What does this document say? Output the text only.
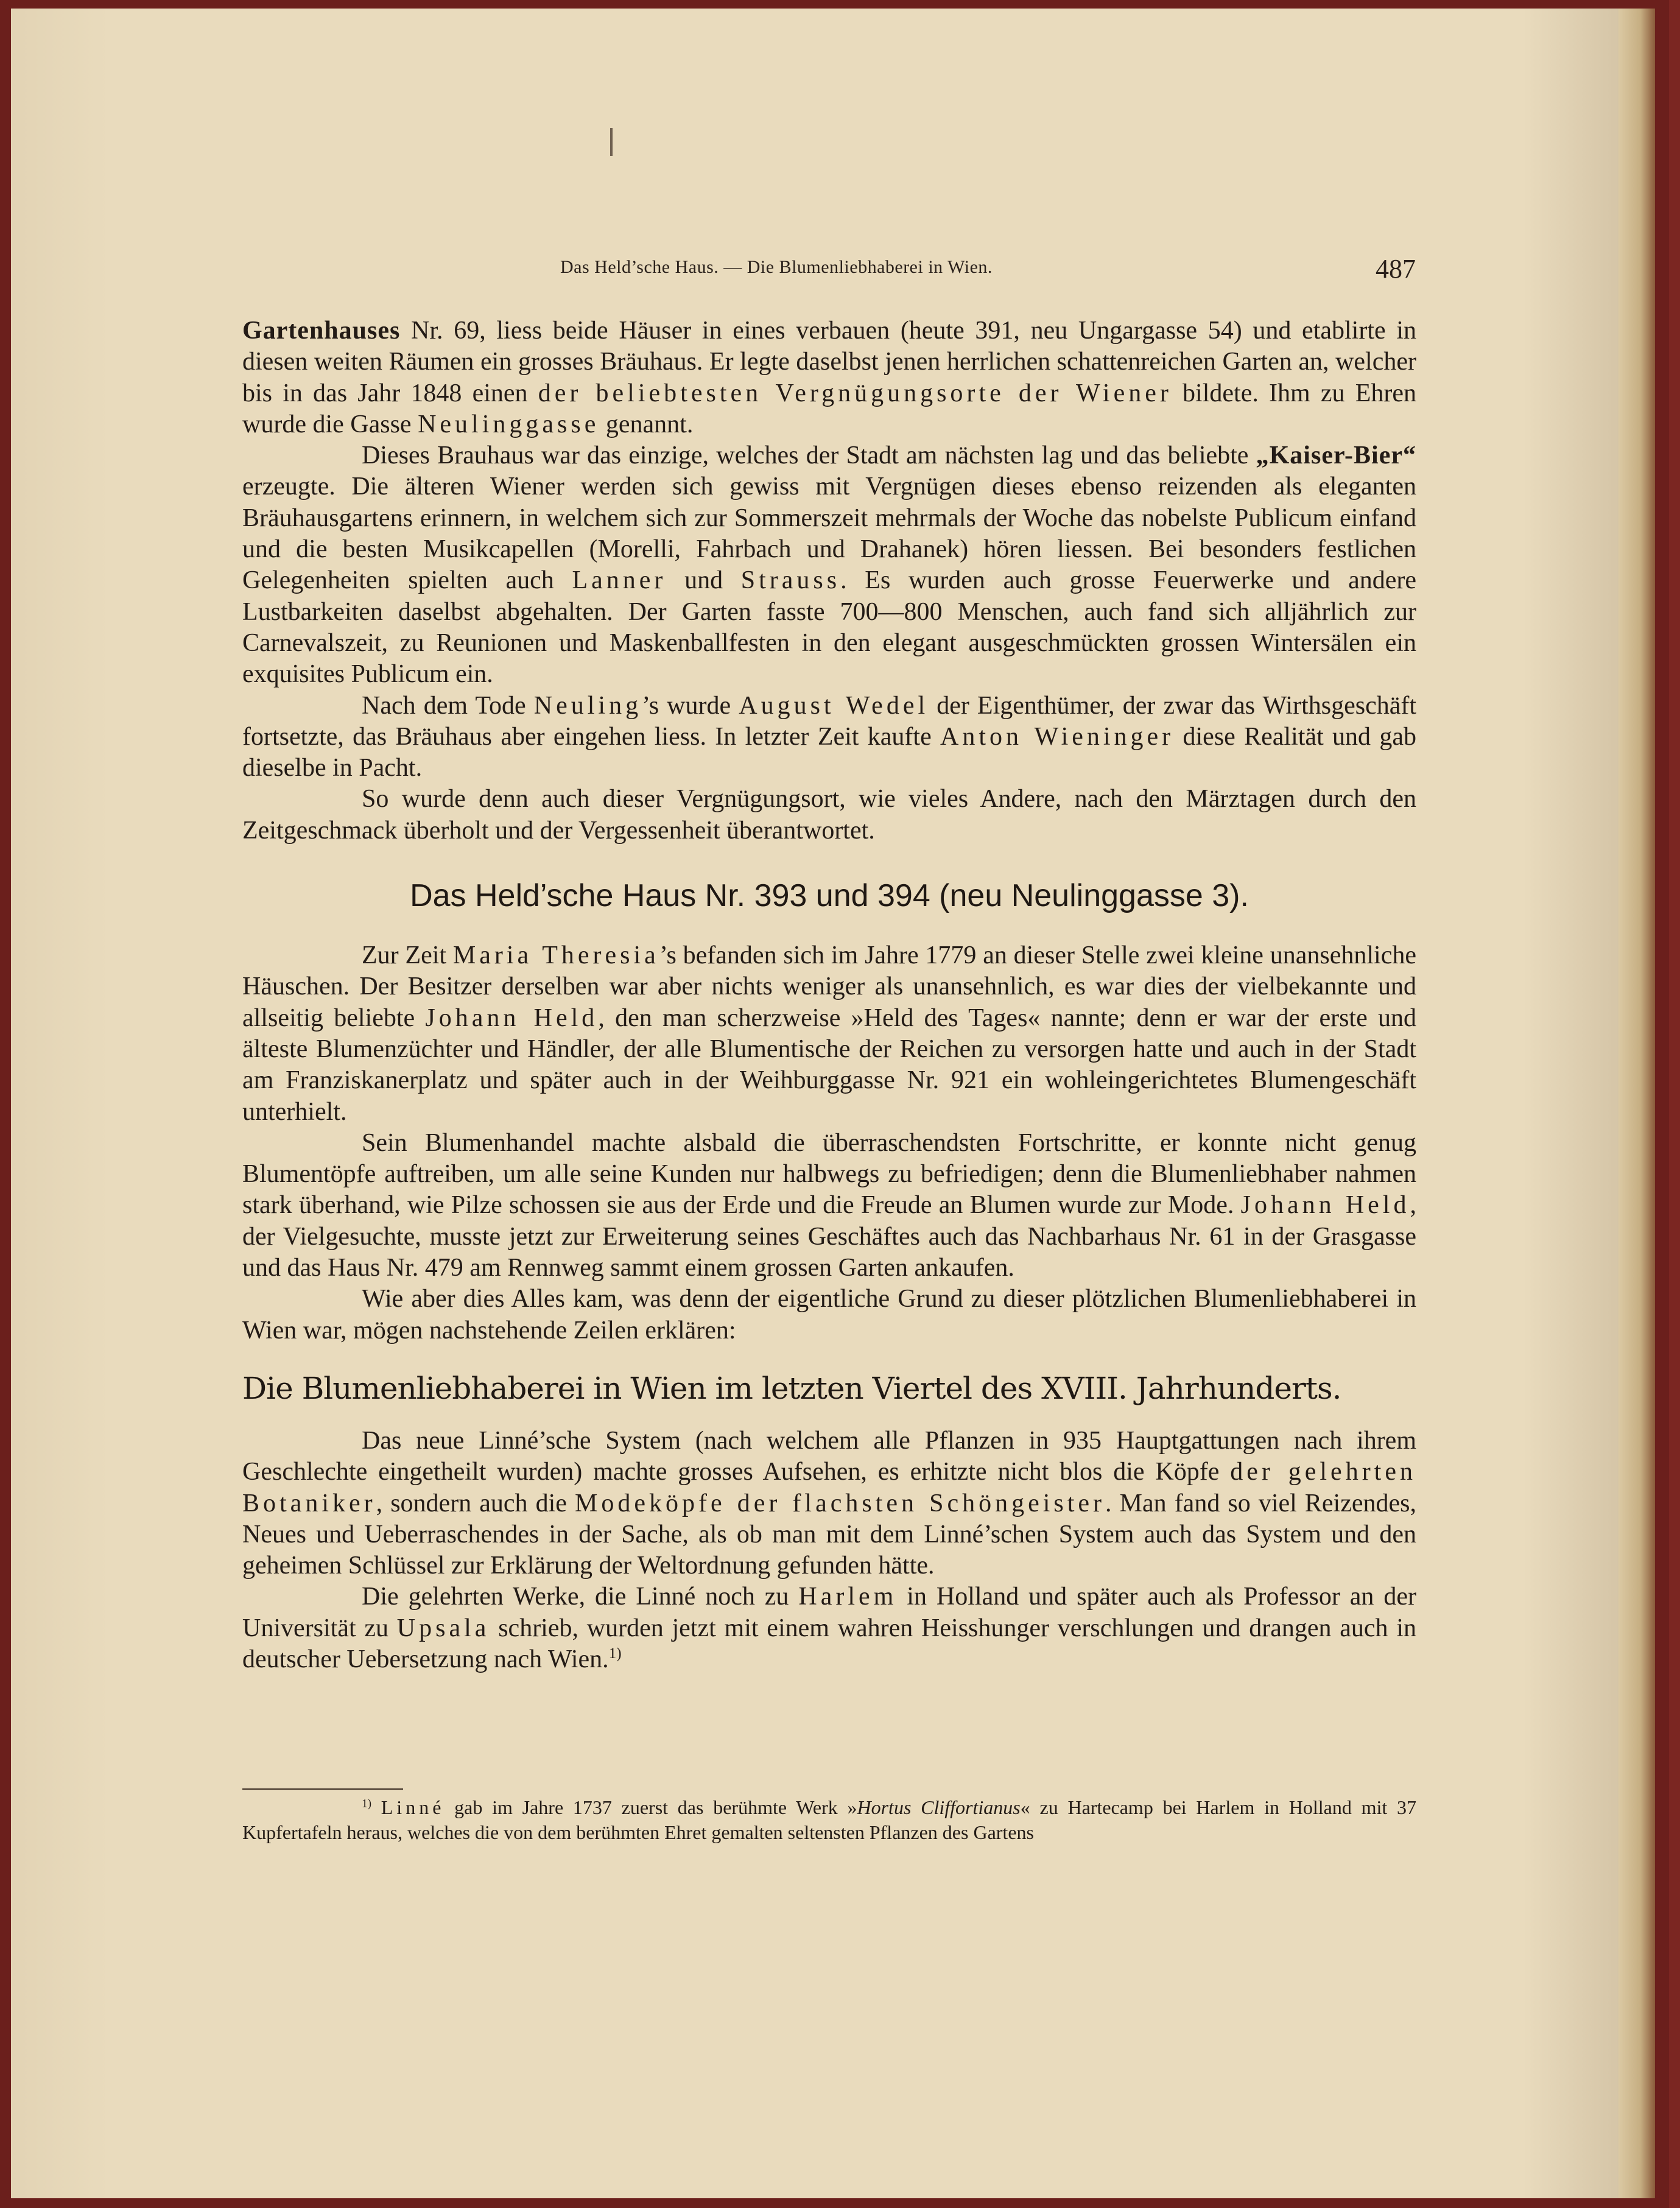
Das Held’sche Haus. — Die Blumenliebhaberei in Wien.	487

Gartenhauses Nr. 69, liess beide Häuser in eines verbauen (heute 391, neu Ungargasse 54) und etablirte in diesen weiten Räumen ein grosses Bräuhaus. Er legte daselbst jenen herrlichen schattenreichen Garten an, welcher bis in das Jahr 1848 einen der beliebtesten Vergnügungsorte der Wiener bildete. Ihm zu Ehren wurde die Gasse Neulinggasse genannt.

Dieses Brauhaus war das einzige, welches der Stadt am nächsten lag und das beliebte „Kaiser-Bier“ erzeugte. Die älteren Wiener werden sich gewiss mit Vergnügen dieses ebenso reizenden als eleganten Bräuhausgartens erinnern, in welchem sich zur Sommerszeit mehrmals der Woche das nobelste Publicum einfand und die besten Musikcapellen (Morelli, Fahrbach und Drahanek) hören liessen. Bei besonders festlichen Gelegenheiten spielten auch Lanner und Strauss. Es wurden auch grosse Feuerwerke und andere Lustbarkeiten daselbst abgehalten. Der Garten fasste 700—800 Menschen, auch fand sich alljährlich zur Carnevalszeit, zu Reunionen und Maskenballfesten in den elegant ausgeschmückten grossen Wintersälen ein exquisites Publicum ein.

Nach dem Tode Neuling’s wurde August Wedel der Eigenthümer, der zwar das Wirthsgeschäft fortsetzte, das Bräuhaus aber eingehen liess. In letzter Zeit kaufte Anton Wieninger diese Realität und gab dieselbe in Pacht.

So wurde denn auch dieser Vergnügungsort, wie vieles Andere, nach den Märztagen durch den Zeitgeschmack überholt und der Vergessenheit überantwortet.

Das Held’sche Haus Nr. 393 und 394 (neu Neulinggasse 3).

Zur Zeit Maria Theresia’s befanden sich im Jahre 1779 an dieser Stelle zwei kleine unansehnliche Häuschen. Der Besitzer derselben war aber nichts weniger als unansehnlich, es war dies der vielbekannte und allseitig beliebte Johann Held, den man scherzweise »Held des Tages« nannte; denn er war der erste und älteste Blumenzüchter und Händler, der alle Blumentische der Reichen zu versorgen hatte und auch in der Stadt am Franziskanerplatz und später auch in der Weihburggasse Nr. 921 ein wohleingerichtetes Blumengeschäft unterhielt.

Sein Blumenhandel machte alsbald die überraschendsten Fortschritte, er konnte nicht genug Blumentöpfe auftreiben, um alle seine Kunden nur halbwegs zu befriedigen; denn die Blumenliebhaber nahmen stark überhand, wie Pilze schossen sie aus der Erde und die Freude an Blumen wurde zur Mode. Johann Held, der Vielgesuchte, musste jetzt zur Erweiterung seines Geschäftes auch das Nachbarhaus Nr. 61 in der Grasgasse und das Haus Nr. 479 am Rennweg sammt einem grossen Garten ankaufen.

Wie aber dies Alles kam, was denn der eigentliche Grund zu dieser plötzlichen Blumenliebhaberei in Wien war, mögen nachstehende Zeilen erklären:

Die Blumenliebhaberei in Wien im letzten Viertel des XVIII. Jahrhunderts.

Das neue Linné’sche System (nach welchem alle Pflanzen in 935 Hauptgattungen nach ihrem Geschlechte eingetheilt wurden) machte grosses Aufsehen, es erhitzte nicht blos die Köpfe der gelehrten Botaniker, sondern auch die Modeköpfe der flachsten Schöngeister. Man fand so viel Reizendes, Neues und Ueberraschendes in der Sache, als ob man mit dem Linné’schen System auch das System und den geheimen Schlüssel zur Erklärung der Weltordnung gefunden hätte.

Die gelehrten Werke, die Linné noch zu Harlem in Holland und später auch als Professor an der Universität zu Upsala schrieb, wurden jetzt mit einem wahren Heisshunger verschlungen und drangen auch in deutscher Uebersetzung nach Wien.$^{1)}$

$^{1)}$ Linné gab im Jahre 1737 zuerst das berühmte Werk »Hortus Cliffortianus« zu Hartecamp bei Harlem in Holland mit 37 Kupfertafeln heraus, welches die von dem berühmten Ehret gemalten seltensten Pflanzen des Gartens
